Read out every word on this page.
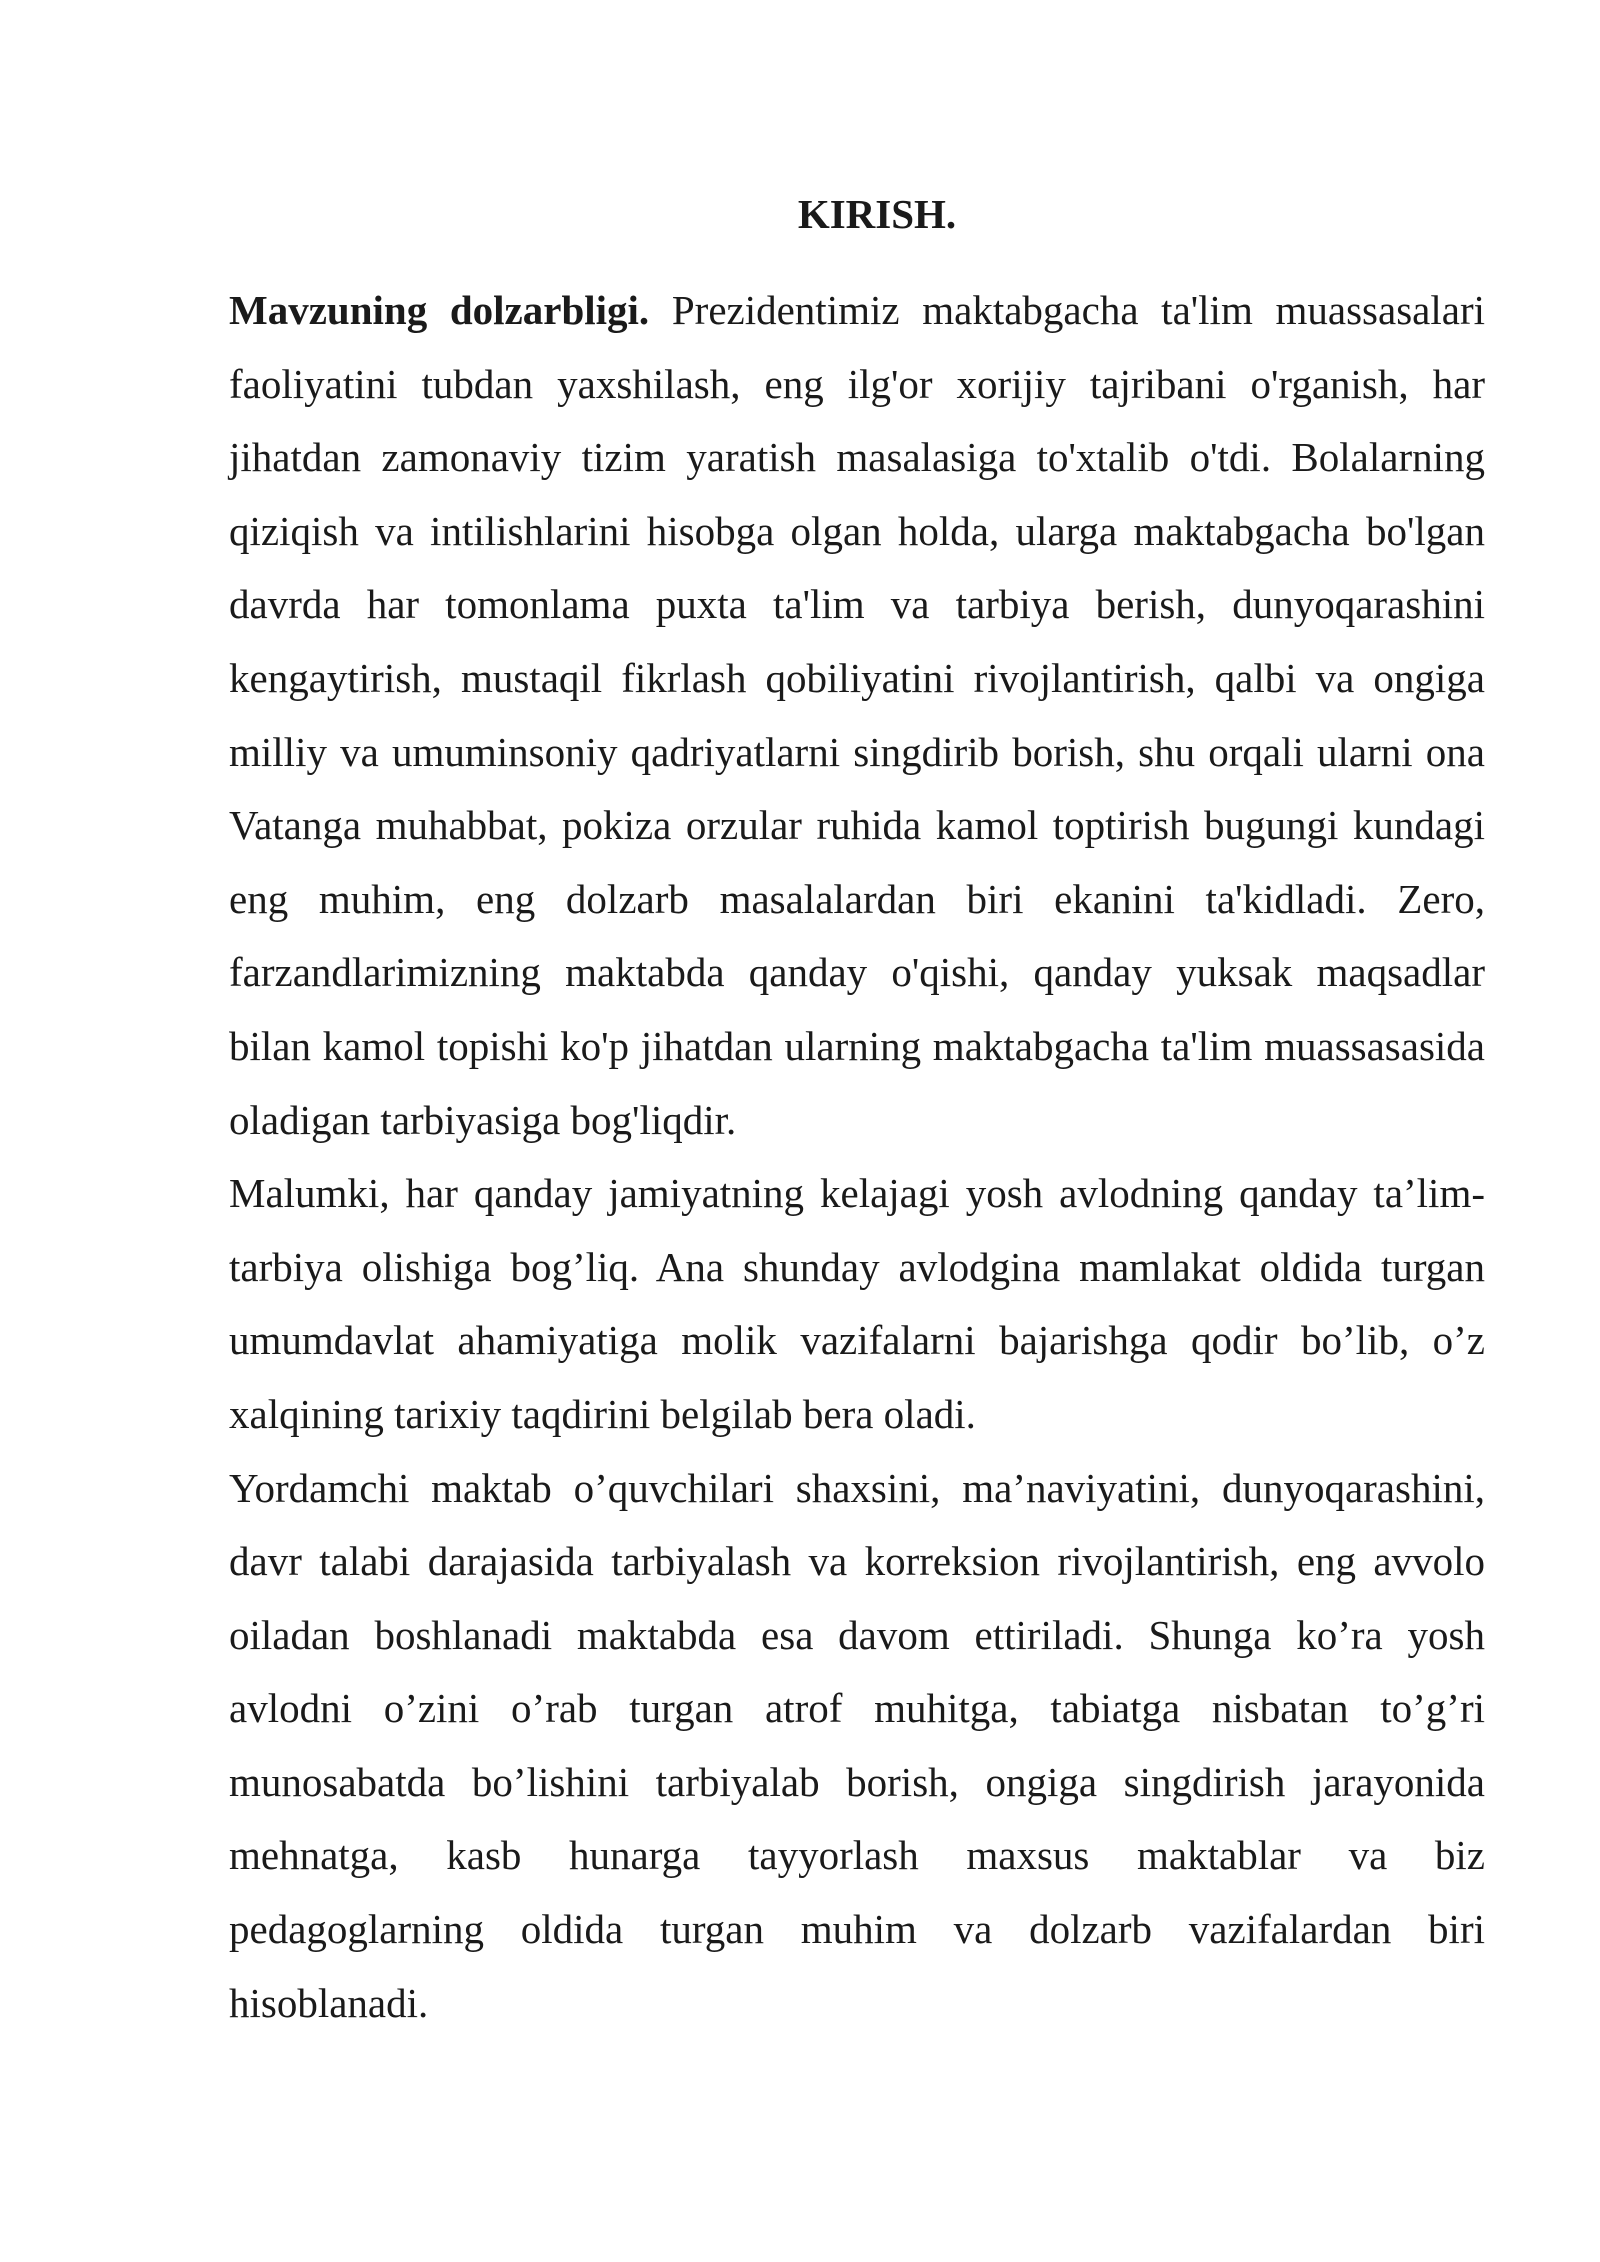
KIRISH.

Mavzuning dolzarbligi. Prezidentimiz maktabgacha ta'lim muassasalari faoliyatini tubdan yaxshilash, eng ilg'or xorijiy tajribani o'rganish, har jihatdan zamonaviy tizim yaratish masalasiga to'xtalib o'tdi. Bolalarning qiziqish va intilishlarini hisobga olgan holda, ularga maktabgacha bo'lgan davrda har tomonlama puxta ta'lim va tarbiya berish, dunyoqarashini kengaytirish, mustaqil fikrlash qobiliyatini rivojlantirish, qalbi va ongiga milliy va umuminsoniy qadriyatlarni singdirib borish, shu orqali ularni ona Vatanga muhabbat, pokiza orzular ruhida kamol toptirish bugungi kundagi eng muhim, eng dolzarb masalalardan biri ekanini ta'kidladi. Zero, farzandlarimizning maktabda qanday o'qishi, qanday yuksak maqsadlar bilan kamol topishi ko'p jihatdan ularning maktabgacha ta'lim muassasasida oladigan tarbiyasiga bog'liqdir.

Malumki, har qanday jamiyatning kelajagi yosh avlodning qanday ta’lim-tarbiya olishiga bog’liq. Ana shunday avlodgina mamlakat oldida turgan umumdavlat ahamiyatiga molik vazifalarni bajarishga qodir bo’lib, o’z xalqining tarixiy taqdirini belgilab bera oladi.

Yordamchi maktab o’quvchilari shaxsini, ma’naviyatini, dunyoqarashini, davr talabi darajasida tarbiyalash va korreksion rivojlantirish, eng avvolo oiladan boshlanadi maktabda esa davom ettiriladi. Shunga ko’ra yosh avlodni o’zini o’rab turgan atrof muhitga, tabiatga nisbatan to’g’ri munosabatda bo’lishini tarbiyalab borish, ongiga singdirish jarayonida mehnatga, kasb hunarga tayyorlash maxsus maktablar va biz pedagoglarning oldida turgan muhim va dolzarb vazifalardan biri hisoblanadi.
